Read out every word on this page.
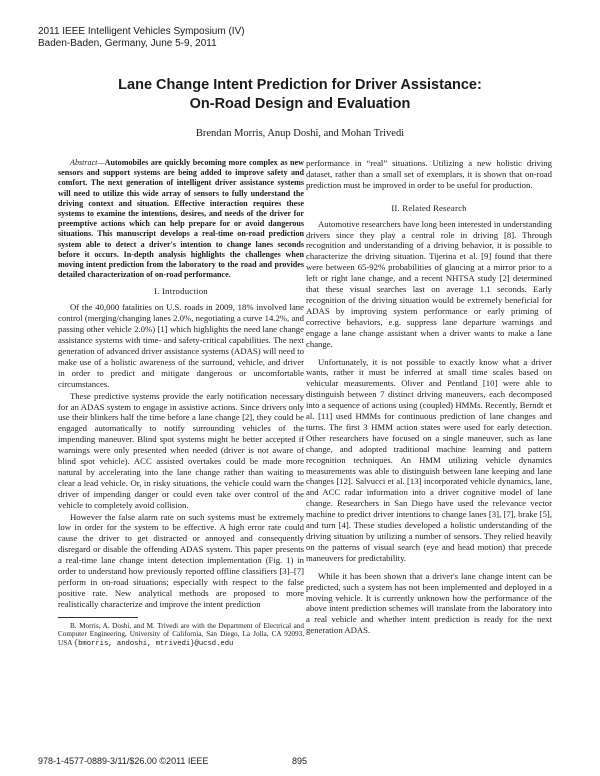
2011 IEEE Intelligent Vehicles Symposium (IV)
Baden-Baden, Germany, June 5-9, 2011
Lane Change Intent Prediction for Driver Assistance:
On-Road Design and Evaluation
Brendan Morris, Anup Doshi, and Mohan Trivedi

Abstract—Automobiles are quickly becoming more complex as new sensors and support systems are being added to improve safety and comfort. The next generation of intelligent driver assistance systems will need to utilize this wide array of sensors to fully understand the driving context and situation. Effective interaction requires these systems to examine the intentions, desires, and needs of the driver for preemptive actions which can help prepare for or avoid dangerous situations. This manuscript develops a real-time on-road prediction system able to detect a driver's intention to change lanes seconds before it occurs. In-depth analysis highlights the challenges when moving intent prediction from the laboratory to the road and provides detailed characterization of on-road performance.

I. Introduction

Of the 40,000 fatalities on U.S. roads in 2009, 18% involved lane control (merging/changing lanes 2.0%, negotiating a curve 14.2%, and passing other vehicle 2.0%) [1] which highlights the need lane change assistance systems with time- and safety-critical capabilities. The next generation of advanced driver assistance systems (ADAS) will need to make use of a holistic awareness of the surround, vehicle, and driver in order to predict and mitigate dangerous or uncomfortable circumstances.

These predictive systems provide the early notification necessary for an ADAS system to engage in assistive actions. Since drivers only use their blinkers half the time before a lane change [2], they could be engaged automatically to notify surrounding vehicles of the impending maneuver. Blind spot systems might be better accepted if warnings were only presented when needed (driver is not aware of blind spot vehicle). ACC assisted overtakes could be made more natural by accelerating into the lane change rather than waiting to clear a lead vehicle. Or, in risky situations, the vehicle could warn the driver of impending danger or could even take over control of the vehicle to completely avoid collision.

However the false alarm rate on such systems must be extremely low in order for the system to be effective. A high error rate could cause the driver to get distracted or annoyed and consequently disregard or disable the offending ADAS system. This paper presents a real-time lane change intent detection implementation (Fig. 1) in order to understand how previously reported offline classifiers [3]–[7] perform in on-road situations; especially with respect to the false positive rate. New analytical methods are proposed to more realistically characterize and improve the intent prediction

B. Morris, A. Doshi, and M. Trivedi are with the Department of Electrical and Computer Engineering, University of California, San Diego, La Jolla, CA 92093, USA {bmorris, andoshi, mtrivedi}@ucsd.edu

performance in “real” situations. Utilizing a new holistic driving dataset, rather than a small set of exemplars, it is shown that on-road prediction must be improved in order to be useful for production.

II. Related Research

Automotive researchers have long been interested in understanding drivers since they play a central role in driving [8]. Through recognition and understanding of a driving behavior, it is possible to characterize the driving situation. Tijerina et al. [9] found that there were between 65-92% probabilities of glancing at a mirror prior to a left or right lane change, and a recent NHTSA study [2] determined that these visual searches last on average 1.1 seconds. Early recognition of the driving situation would be extremely beneficial for ADAS by improving system performance or early priming of corrective behaviors, e.g. suppress lane departure warnings and engage a lane change assistant when a driver wants to make a lane change.

Unfortunately, it is not possible to exactly know what a driver wants, rather it must be inferred at small time scales based on vehicular measurements. Oliver and Pentland [10] were able to distinguish between 7 distinct driving maneuvers, each decomposed into a sequence of actions using (coupled) HMMs. Recently, Berndt et al. [11] used HMMs for continuous prediction of lane changes and turns. The first 3 HMM action states were used for early detection. Other researchers have focused on a single maneuver, such as lane change, and adopted traditional machine learning and pattern recognition techniques. An HMM utilizing vehicle dynamics measurements was able to distinguish between lane keeping and lane changes [12]. Salvucci et al. [13] incorporated vehicle dynamics, lane, and ACC radar information into a driver cognitive model of lane change. Researchers in San Diego have used the relevance vector machine to predict driver intentions to change lanes [3], [7], brake [5], and turn [4]. These studies developed a holistic understanding of the driving situation by utilizing a number of sensors. They relied heavily on the patterns of visual search (eye and head motion) that precede maneuvers for predictability.

While it has been shown that a driver's lane change intent can be predicted, such a system has not been implemented and deployed in a moving vehicle. It is currently unknown how the performance of the above intent prediction schemes will translate from the laboratory into a real vehicle and whether intent prediction is ready for the next generation ADAS.

978-1-4577-0889-3/11/$26.00 ©2011 IEEE	895
